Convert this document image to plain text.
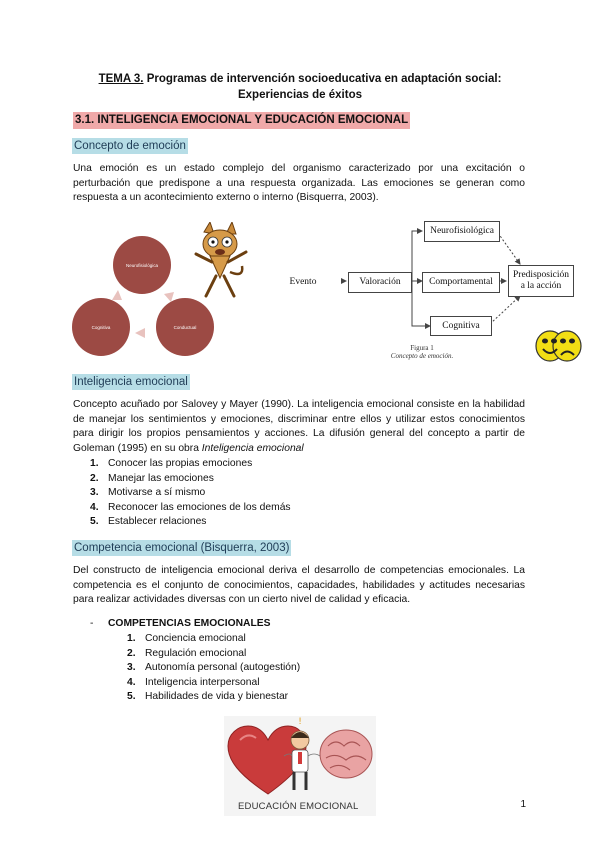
TEMA 3. Programas de intervención socioeducativa en adaptación social:
Experiencias de éxitos
3.1. INTELIGENCIA EMOCIONAL Y EDUCACIÓN EMOCIONAL
Concepto de emoción
Una emoción es un estado complejo del organismo caracterizado por una excitación o perturbación que predispone a una respuesta organizada. Las emociones se generan como respuesta a un acontecimiento externo o interno (Bisquerra, 2003).
Neurofisiológica
Cognitiva	Conductual
Evento	Valoración
Neurofisiológica
Comportamental
Cognitiva
Predisposición
a la acción
Figura 1
Concepto de emoción.
Inteligencia emocional
Concepto acuñado por Salovey y Mayer (1990). La inteligencia emocional consiste en la habilidad de manejar los sentimientos y emociones, discriminar entre ellos y utilizar estos conocimientos para dirigir los propios pensamientos y acciones. La difusión general del concepto a partir de Goleman (1995) en su obra Inteligencia emocional
1. Conocer las propias emociones
2. Manejar las emociones
3. Motivarse a sí mismo
4. Reconocer las emociones de los demás
5. Establecer relaciones
Competencia emocional (Bisquerra, 2003)
Del constructo de inteligencia emocional deriva el desarrollo de competencias emocionales. La competencia es el conjunto de conocimientos, capacidades, habilidades y actitudes necesarias para realizar actividades diversas con un cierto nivel de calidad y eficacia.
- COMPETENCIAS EMOCIONALES
1. Conciencia emocional
2. Regulación emocional
3. Autonomía personal (autogestión)
4. Inteligencia interpersonal
5. Habilidades de vida y bienestar
!
EDUCACIÓN EMOCIONAL	1
